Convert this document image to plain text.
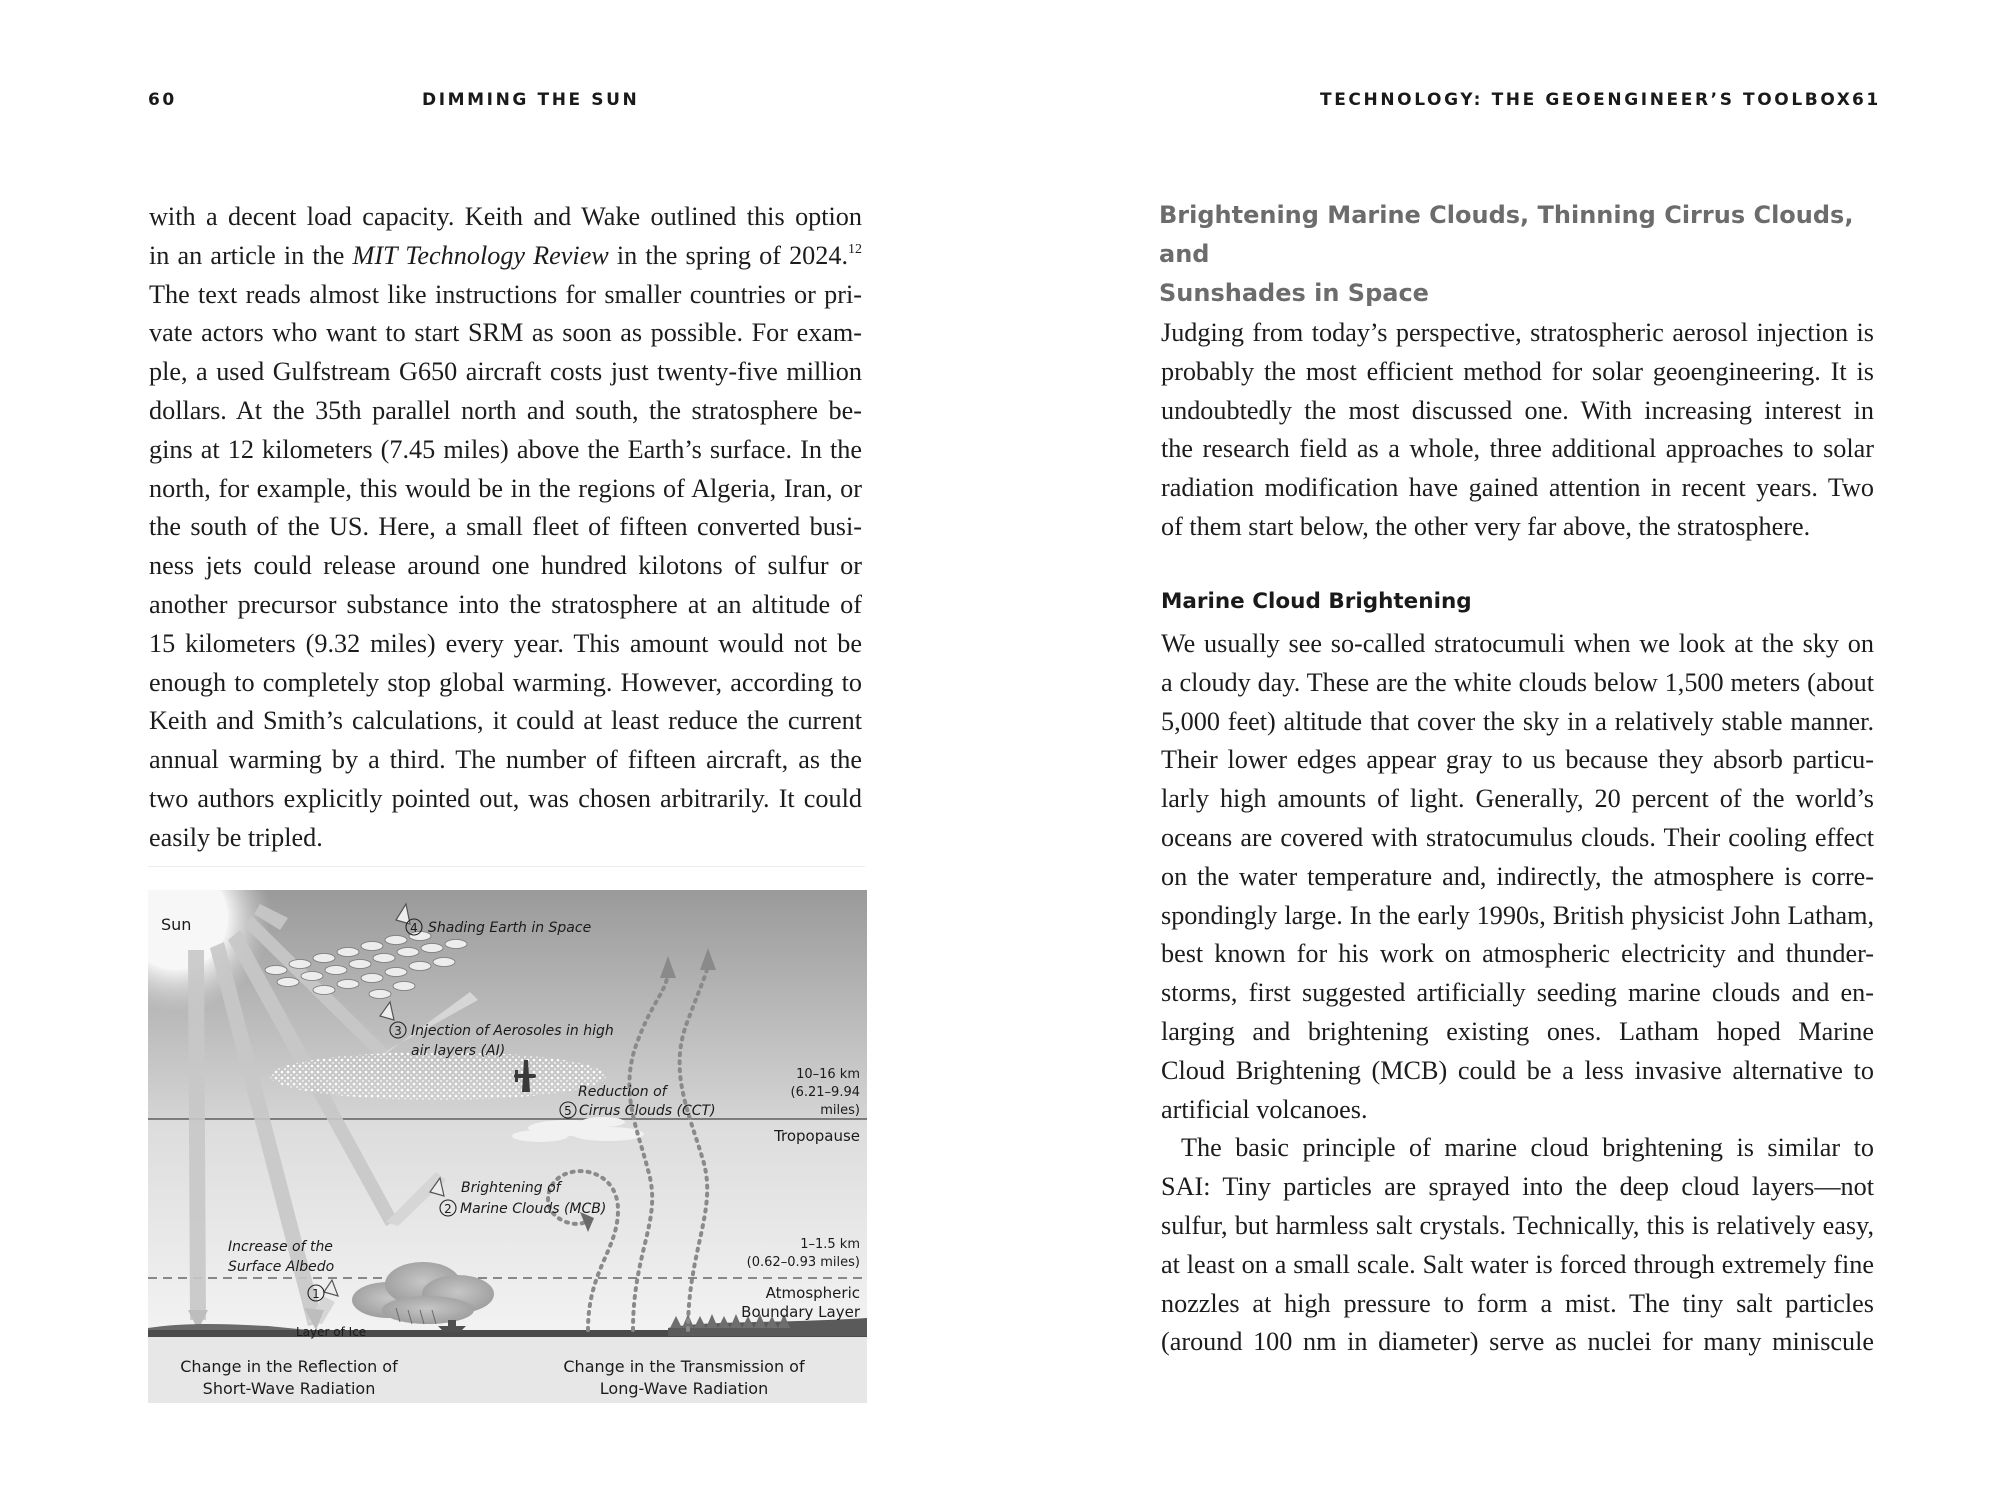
60	DIMMING THE SUN
with a decent load capacity. Keith and Wake outlined this option
in an article in the MIT Technology Review in the spring of 2024.12
The text reads almost like instructions for smaller countries or pri-
vate actors who want to start SRM as soon as possible. For exam-
ple, a used Gulfstream G650 aircraft costs just twenty-five million
dollars. At the 35th parallel north and south, the stratosphere be-
gins at 12 kilometers (7.45 miles) above the Earth’s surface. In the
north, for example, this would be in the regions of Algeria, Iran, or
the south of the US. Here, a small fleet of fifteen converted busi-
ness jets could release around one hundred kilotons of sulfur or
another precursor substance into the stratosphere at an altitude of
15 kilometers (9.32 miles) every year. This amount would not be
enough to completely stop global warming. However, according to
Keith and Smith’s calculations, it could at least reduce the current
annual warming by a third. The number of fifteen aircraft, as the
two authors explicitly pointed out, was chosen arbitrarily. It could
easily be tripled.
Sun	4
3
5
2
1
Shading Earth in Space
Injection of Aerosoles in high
air layers (AI)
Reduction of
Cirrus Clouds (CCT)
10–16 km
(6.21–9.94
miles)
Tropopause
Brightening of
Marine Clouds (MCB)
Increase of the
Surface Albedo
1–1.5 km
(0.62–0.93 miles)
Atmospheric
Boundary Layer
Layer of Ice
Change in the Reflection of
Short-Wave Radiation
Change in the Transmission of
Long-Wave Radiation
TECHNOLOGY: THE GEOENGINEER’S TOOLBOX 61
Brightening Marine Clouds, Thinning Cirrus Clouds, and
Sunshades in Space
Judging from today’s perspective, stratospheric aerosol injection is
probably the most efficient method for solar geoengineering. It is
undoubtedly the most discussed one. With increasing interest in
the research field as a whole, three additional approaches to solar
radiation modification have gained attention in recent years. Two
of them start below, the other very far above, the stratosphere.
Marine Cloud Brightening
We usually see so-called stratocumuli when we look at the sky on
a cloudy day. These are the white clouds below 1,500 meters (about
5,000 feet) altitude that cover the sky in a relatively stable manner.
Their lower edges appear gray to us because they absorb particu-
larly high amounts of light. Generally, 20 percent of the world’s
oceans are covered with stratocumulus clouds. Their cooling effect
on the water temperature and, indirectly, the atmosphere is corre-
spondingly large. In the early 1990s, British physicist John Latham,
best known for his work on atmospheric electricity and thunder-
storms, first suggested artificially seeding marine clouds and en-
larging and brightening existing ones. Latham hoped Marine
Cloud Brightening (MCB) could be a less invasive alternative to
artificial volcanoes.
The basic principle of marine cloud brightening is similar to
SAI: Tiny particles are sprayed into the deep cloud layers—not
sulfur, but harmless salt crystals. Technically, this is relatively easy,
at least on a small scale. Salt water is forced through extremely fine
nozzles at high pressure to form a mist. The tiny salt particles
(around 100 nm in diameter) serve as nuclei for many miniscule
